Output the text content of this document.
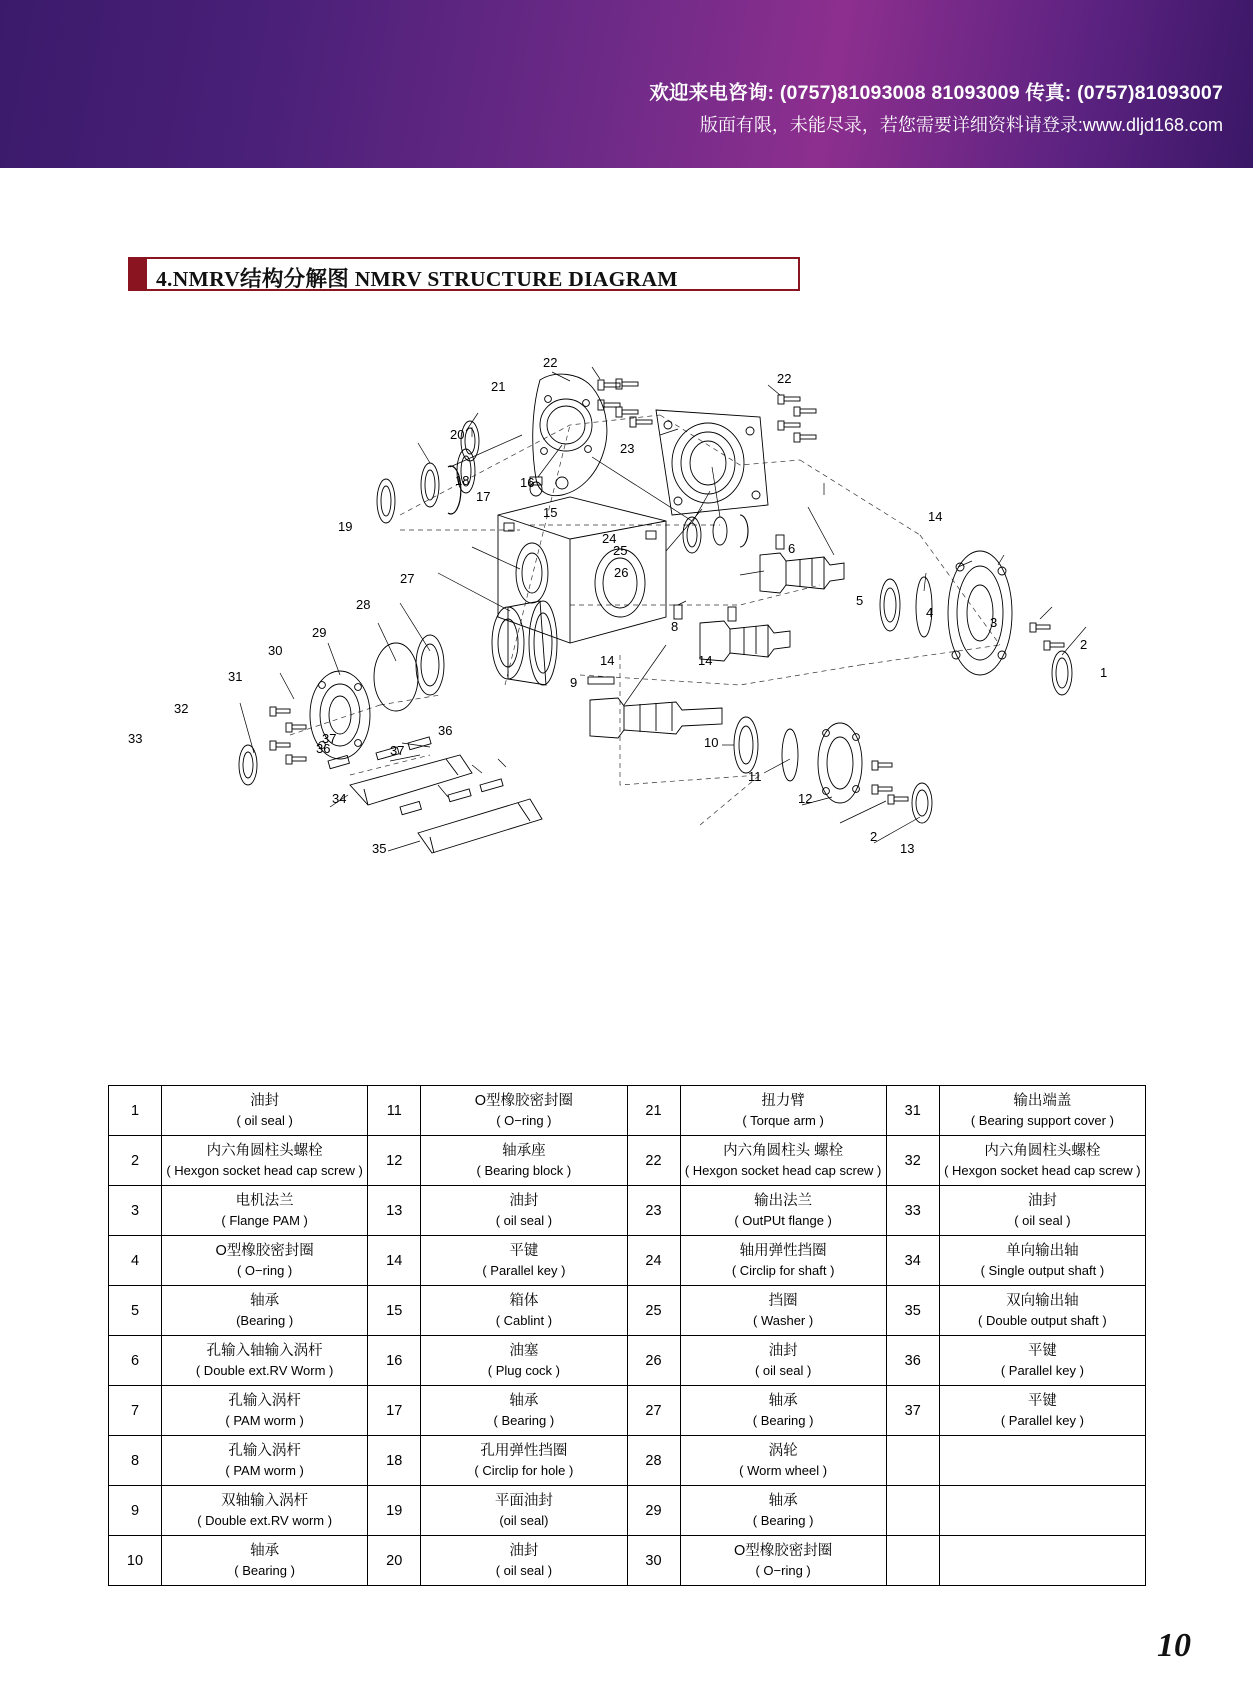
欢迎来电咨询: (0757)81093008 81093009 传真: (0757)81093007
版面有限，未能尽录，若您需要详细资料请登录:www.dljd168.com
4.NMRV结构分解图 NMRV STRUCTURE DIAGRAM
22
21
22
23
20
18
17
16
19
15
25
24
26
14
6
27
28
29
30
31
32
33
8
14	14
9
5
4
3
2
1
10
11
12
2
13
37
36
37
36
34
35
1	油封
( oil seal )	11	O型橡胶密封圈
( O−ring )	21	扭力臂
( Torque arm )	31	输出端盖
( Bearing support cover )

2	内六角圆柱头螺栓
( Hexgon socket head cap screw )	12	轴承座
( Bearing block )	22	内六角圆柱头 螺栓
( Hexgon socket head cap screw )	32	内六角圆柱头螺栓
( Hexgon socket head cap screw )

3	电机法兰
( Flange PAM )	13	油封
( oil seal )	23	输出法兰
( OutPUt flange )	33	油封
( oil seal )

4	O型橡胶密封圈
( O−ring )	14	平键
( Parallel key )	24	轴用弹性挡圈
( Circlip for shaft )	34	单向输出轴
( Single output shaft )

5	轴承
(Bearing )	15	箱体
( Cablint )	25	挡圈
( Washer )	35	双向输出轴
( Double output shaft )

6	孔输入轴输入涡杆
( Double ext.RV Worm )	16	油塞
( Plug cock )	26	油封
( oil seal )	36	平键
( Parallel key )

7	孔输入涡杆
( PAM worm )	17	轴承
( Bearing )	27	轴承
( Bearing )	37	平键
( Parallel key )

8	孔输入涡杆
( PAM worm )	18	孔用弹性挡圈
( Circlip for hole )	28	涡轮
( Worm wheel )		

9	双轴输入涡杆
( Double ext.RV worm )	19	平面油封
(oil seal)	29	轴承
( Bearing )		

10	轴承
( Bearing )	20	油封
( oil seal )	30	O型橡胶密封圈
( O−ring )		

10
